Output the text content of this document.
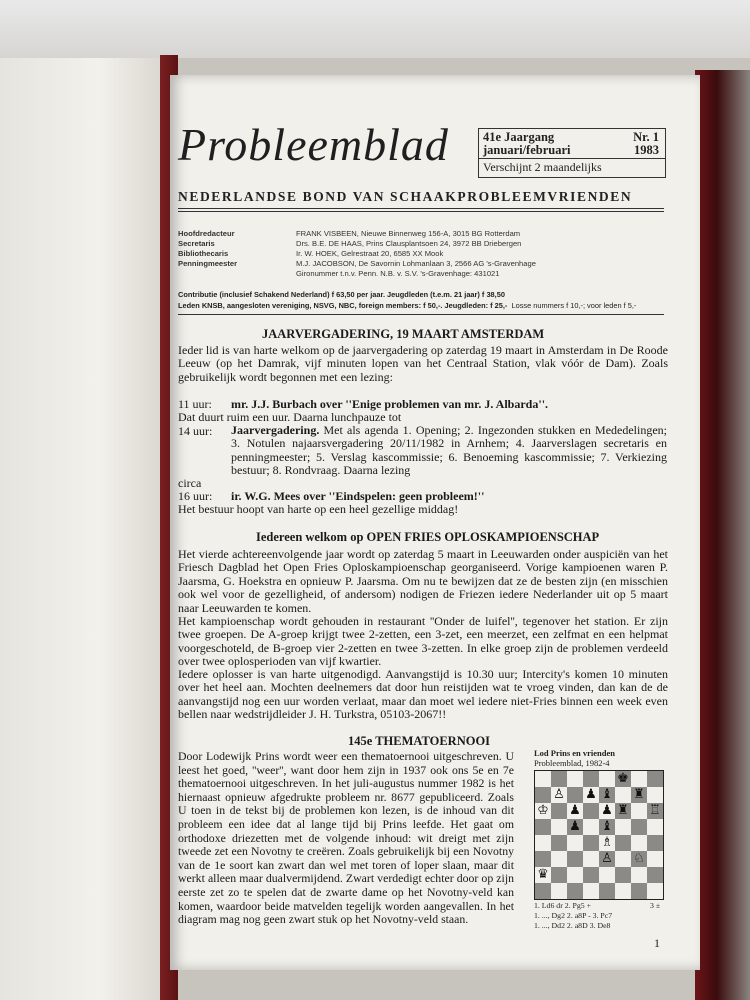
Probleemblad	41e Jaargang	Nr. 1
januari/februari	1983
Verschijnt 2 maandelijks
NEDERLANDSE BOND VAN SCHAAKPROBLEEMVRIENDEN
Hoofdredacteur	FRANK VISBEEN, Nieuwe Binnenweg 156-A, 3015 BG Rotterdam
Secretaris	Drs. B.E. DE HAAS, Prins Clausplantsoen 24, 3972 BB Driebergen
Bibliothecaris	Ir. W. HOEK, Gelrestraat 20, 6585 XX Mook
Penningmeester	M.J. JACOBSON, De Savornin Lohmanlaan 3, 2566 AG 's-Gravenhage
Gironummer t.n.v. Penn. N.B. v. S.V. 's-Gravenhage: 431021
Contributie (inclusief Schakend Nederland) f 63,50 per jaar. Jeugdleden (t.e.m. 21 jaar) f 38,50
Leden KNSB, aangesloten vereniging, NSVG, NBC, foreign members: f 50,-. Jeugdleden: f 25,- Losse nummers f 10,-; voor leden f 5,-
JAARVERGADERING, 19 MAART AMSTERDAM

Ieder lid is van harte welkom op de jaarvergadering op zaterdag 19 maart in Amsterdam in De Roode Leeuw (op het Damrak, vijf minuten lopen van het Centraal Station, vlak vóór de Dam). Zoals gebruikelijk wordt begonnen met een lezing:

11 uur: mr. J.J. Burbach over ''Enige problemen van mr. J. Albarda''.
Dat duurt ruim een uur. Daarna lunchpauze tot
14 uur: Jaarvergadering. Met als agenda 1. Opening; 2. Ingezonden stukken en Mededelingen; 3. Notulen najaarsvergadering 20/11/1982 in Arnhem; 4. Jaarverslagen secretaris en penningmeester; 5. Verslag kascommissie; 6. Benoeming kascommissie; 7. Verkiezing bestuur; 8. Rondvraag. Daarna lezing

circa
16 uur: ir. W.G. Mees over ''Eindspelen: geen probleem!''
Het bestuur hoopt van harte op een heel gezellige middag!
Iedereen welkom op OPEN FRIES OPLOSKAMPIOENSCHAP

Het vierde achtereenvolgende jaar wordt op zaterdag 5 maart in Leeuwarden onder auspiciën van het Friesch Dagblad het Open Fries Oploskampioenschap georganiseerd. Vorige kampioenen waren P. Jaarsma, G. Hoekstra en opnieuw P. Jaarsma. Om nu te bewijzen dat ze de besten zijn (en misschien ook wel voor de gezelligheid, of andersom) nodigen de Friezen iedere Nederlander uit op 5 maart naar Leeuwarden te komen.

Het kampioenschap wordt gehouden in restaurant ''Onder de luifel'', tegenover het station. Er zijn twee groepen. De A-groep krijgt twee 2-zetten, een 3-zet, een meerzet, een zelfmat en een helpmat voorgeschoteld, de B-groep vier 2-zetten en twee 3-zetten. In elke groep zijn de problemen verdeeld over twee oplosperioden van vijf kwartier.

Iedere oplosser is van harte uitgenodigd. Aanvangstijd is 10.30 uur; Intercity's komen 10 minuten over het heel aan. Mochten deelnemers dat door hun reistijden wat te vroeg vinden, dan kan de de aanvangstijd nog een uur worden verlaat, maar dan moet wel iedere niet-Fries binnen een week even bellen naar wedstrijdleider J. H. Turkstra, 05103-2067!!

145e THEMATOERNOOI

Door Lodewijk Prins wordt weer een thematoernooi uitgeschreven. U leest het goed, ''weer'', want door hem zijn in 1937 ook ons 5e en 7e thematoernooi uitgeschreven. In het juli-augustus nummer 1982 is het hiernaast opnieuw afgedrukte probleem nr. 8677 gepubliceerd. Zoals U toen in de tekst bij de problemen kon lezen, is de inhoud van dit probleem een idee dat al lange tijd bij Prins leefde. Het gaat om orthodoxe driezetten met de volgende inhoud: wit dreigt met zijn tweede zet een Novotny te creëren. Zoals gebruikelijk bij een Novotny van de 1e soort kan zwart dan wel met toren of loper slaan, maar dit werkt alleen maar dualvermijdend. Zwart verdedigt echter door op zijn eerste zet zo te spelen dat de zwarte dame op het Novotny-veld kan komen, waardoor beide matvelden tegelijk worden aangevallen. In het diagram mag nog geen zwart stuk op het Novotny-veld staan.

Lod Prins en vrienden
Probleemblad, 1982-4
♚
♙ ♟ ♝ ♜
♔ ♟ ♟ ♜ ♖
♟ ♝
♗
♙ ♘
♛
1. Ld6 dr 2. Pg5 +	3 ±
1. ..., Dg2 2. a8P - 3. Pc7
1. ..., Dd2 2. a8D 3. De8
1
